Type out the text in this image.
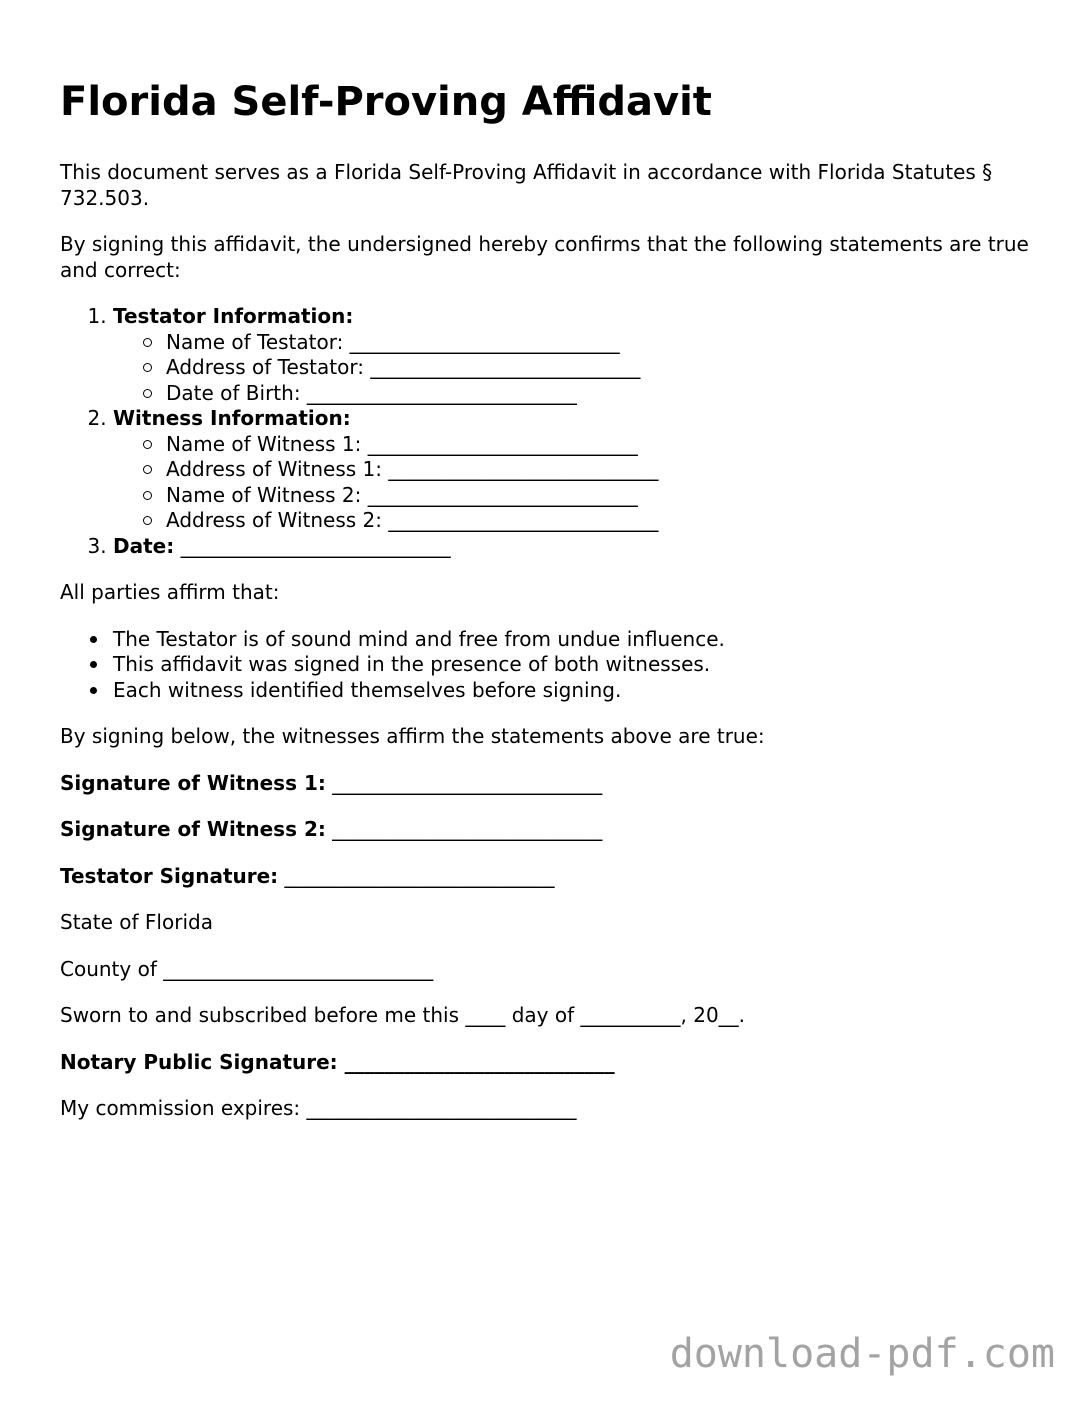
Florida Self-Proving Affidavit

This document serves as a Florida Self-Proving Affidavit in accordance with Florida Statutes § 732.503.

By signing this affidavit, the undersigned hereby confirms that the following statements are true and correct:

1. Testator Information:
Name of Testator: ___________________________
Address of Testator: ___________________________
Date of Birth: ___________________________
2. Witness Information:
Name of Witness 1: ___________________________
Address of Witness 1: ___________________________
Name of Witness 2: ___________________________
Address of Witness 2: ___________________________
3. Date: ___________________________

All parties affirm that:

The Testator is of sound mind and free from undue influence.
This affidavit was signed in the presence of both witnesses.
Each witness identified themselves before signing.

By signing below, the witnesses affirm the statements above are true:

Signature of Witness 1: ___________________________

Signature of Witness 2: ___________________________

Testator Signature: ___________________________

State of Florida

County of ___________________________

Sworn to and subscribed before me this ____ day of __________, 20__.

Notary Public Signature: ___________________________

My commission expires: ___________________________

download-pdf.com
